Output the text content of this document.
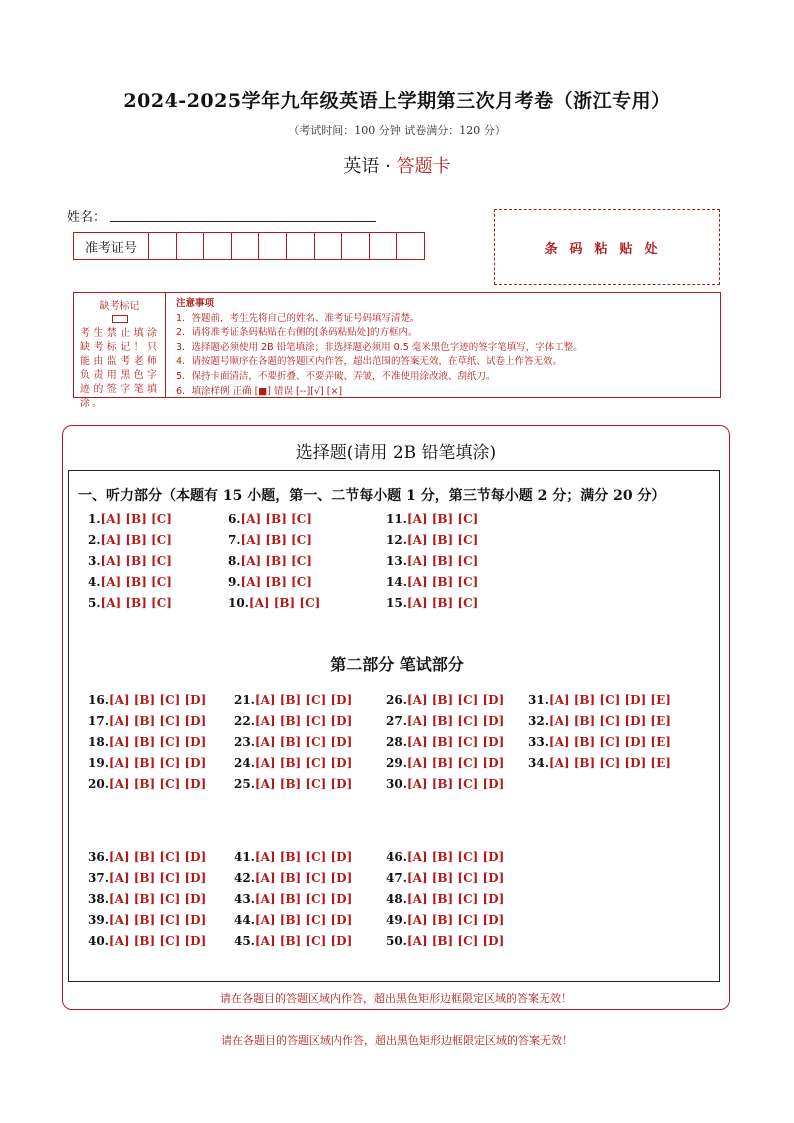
2024-2025学年九年级英语上学期第三次月考卷（浙江专用）
（考试时间：100 分钟 试卷满分：120 分）
英语 · 答题卡
姓名：
准考证号	条码粘贴处
缺考标记
考生禁止填涂缺考标记！只能由监考老师负责用黑色字迹的签字笔填涂。
注意事项
1．答题前，考生先将自己的姓名、准考证号码填写清楚。
2．请将准考证条码粘贴在右侧的[条码粘贴处]的方框内。
3．选择题必须使用 2B 铅笔填涂；非选择题必须用 0.5 毫米黑色字迹的签字笔填写，字体工整。
4．请按题号顺序在各题的答题区内作答，超出范围的答案无效，在草纸、试卷上作答无效。
5．保持卡面清洁，不要折叠、不要弄破、弄皱，不准使用涂改液、刮纸刀。
6．填涂样例 正确 [■] 错误 [--][√] [×]
选择题(请用 2B 铅笔填涂)
一、听力部分（本题有 15 小题，第一、二节每小题 1 分，第三节每小题 2 分；满分 20 分）
第二部分 笔试部分
1.[A] [B] [C]
2.[A] [B] [C]
3.[A] [B] [C]
4.[A] [B] [C]
5.[A] [B] [C]
6.[A] [B] [C]
7.[A] [B] [C]
8.[A] [B] [C]
9.[A] [B] [C]
10.[A] [B] [C]
11.[A] [B] [C]
12.[A] [B] [C]
13.[A] [B] [C]
14.[A] [B] [C]
15.[A] [B] [C]
16.[A] [B] [C] [D]
17.[A] [B] [C] [D]
18.[A] [B] [C] [D]
19.[A] [B] [C] [D]
20.[A] [B] [C] [D]
21.[A] [B] [C] [D]
22.[A] [B] [C] [D]
23.[A] [B] [C] [D]
24.[A] [B] [C] [D]
25.[A] [B] [C] [D]
26.[A] [B] [C] [D]
27.[A] [B] [C] [D]
28.[A] [B] [C] [D]
29.[A] [B] [C] [D]
30.[A] [B] [C] [D]
31.[A] [B] [C] [D] [E]
32.[A] [B] [C] [D] [E]
33.[A] [B] [C] [D] [E]
34.[A] [B] [C] [D] [E]
36.[A] [B] [C] [D]
37.[A] [B] [C] [D]
38.[A] [B] [C] [D]
39.[A] [B] [C] [D]
40.[A] [B] [C] [D]
41.[A] [B] [C] [D]
42.[A] [B] [C] [D]
43.[A] [B] [C] [D]
44.[A] [B] [C] [D]
45.[A] [B] [C] [D]
46.[A] [B] [C] [D]
47.[A] [B] [C] [D]
48.[A] [B] [C] [D]
49.[A] [B] [C] [D]
50.[A] [B] [C] [D]
请在各题目的答题区域内作答，超出黑色矩形边框限定区域的答案无效！
请在各题目的答题区域内作答，超出黑色矩形边框限定区域的答案无效！
